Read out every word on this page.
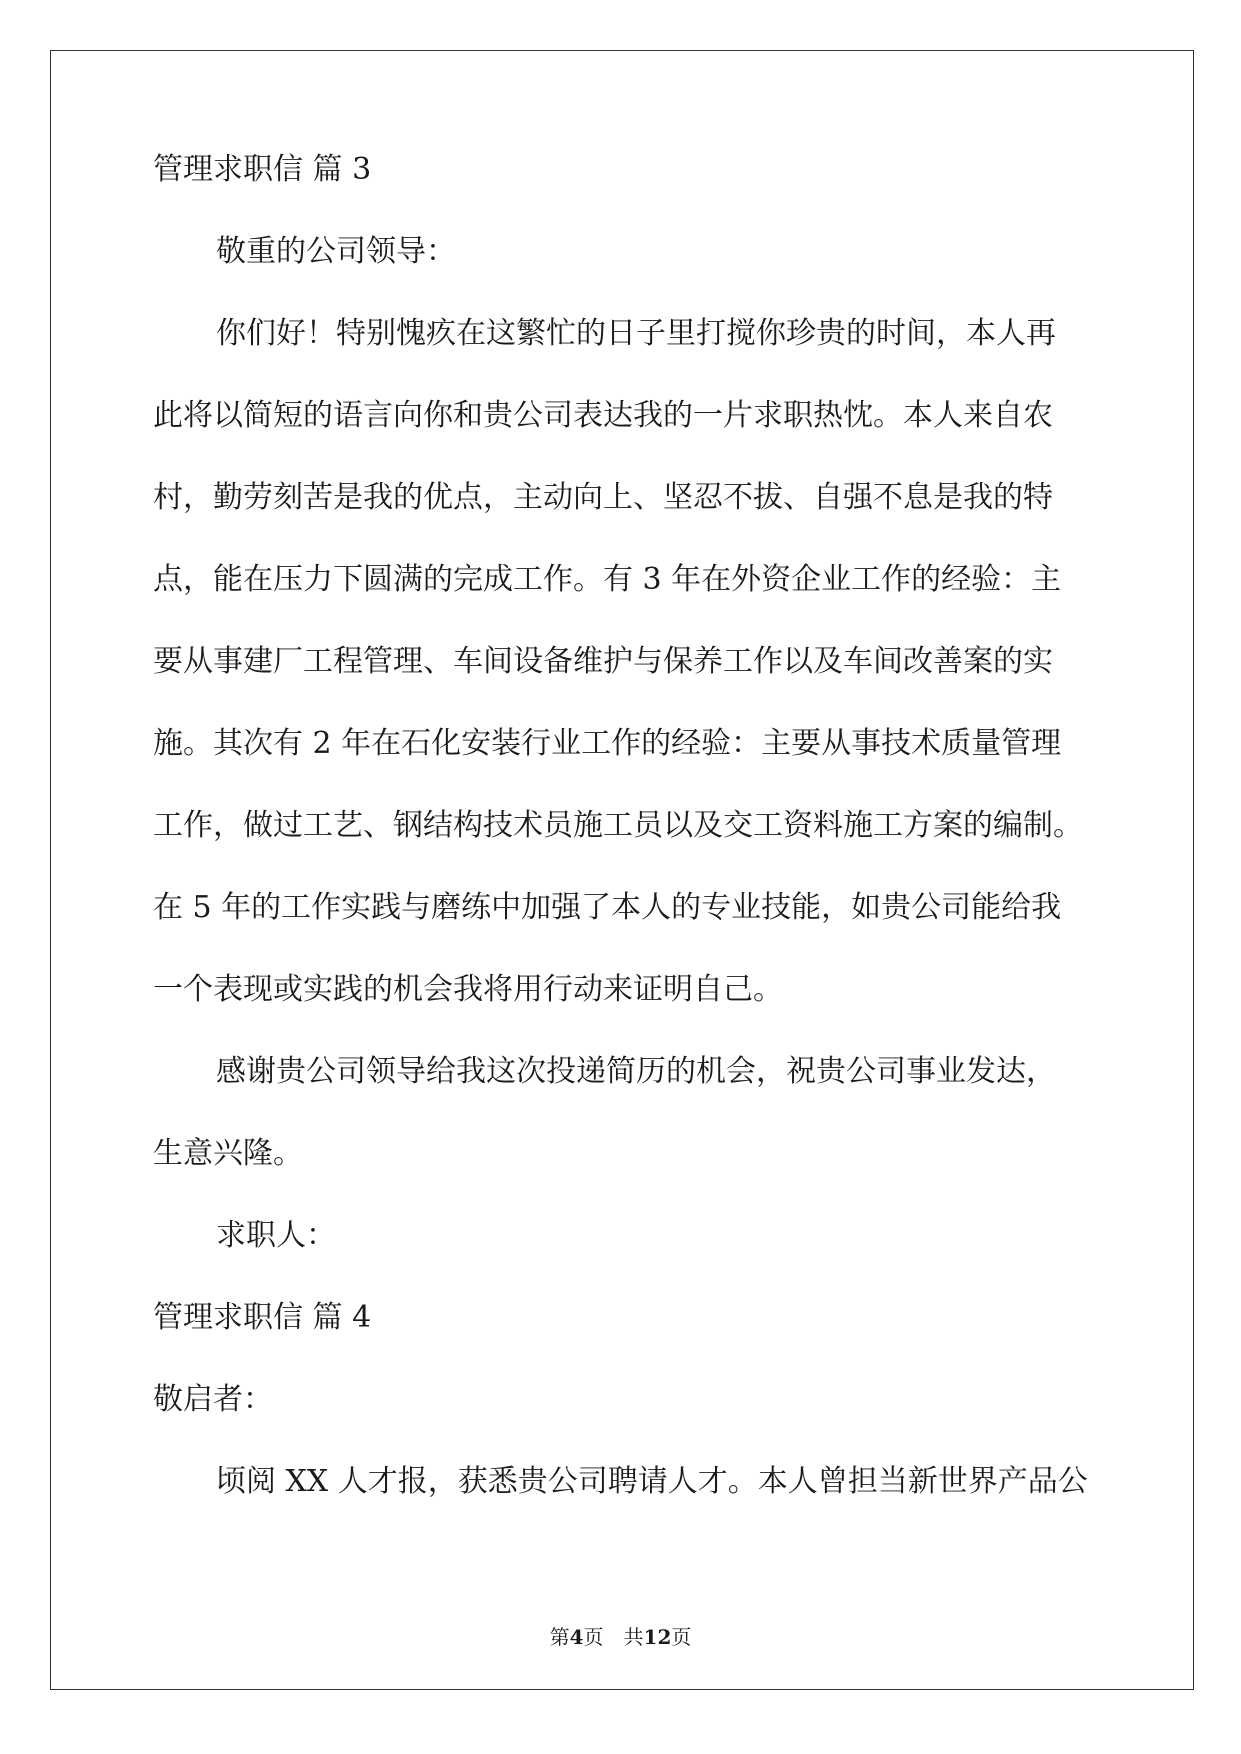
管理求职信 篇 3
敬重的公司领导：
你们好！特别愧疚在这繁忙的日子里打搅你珍贵的时间，本人再
此将以简短的语言向你和贵公司表达我的一片求职热忱。本人来自农
村，勤劳刻苦是我的优点，主动向上、坚忍不拔、自强不息是我的特
点，能在压力下圆满的完成工作。有 3 年在外资企业工作的经验：主
要从事建厂工程管理、车间设备维护与保养工作以及车间改善案的实
施。其次有 2 年在石化安装行业工作的经验：主要从事技术质量管理
工作，做过工艺、钢结构技术员施工员以及交工资料施工方案的编制。
在 5 年的工作实践与磨练中加强了本人的专业技能，如贵公司能给我
一个表现或实践的机会我将用行动来证明自己。
感谢贵公司领导给我这次投递简历的机会，祝贵公司事业发达，
生意兴隆。
求职人：
管理求职信 篇 4
敬启者：
顷阅 XX 人才报，获悉贵公司聘请人才。本人曾担当新世界产品公
第4页 共12页
